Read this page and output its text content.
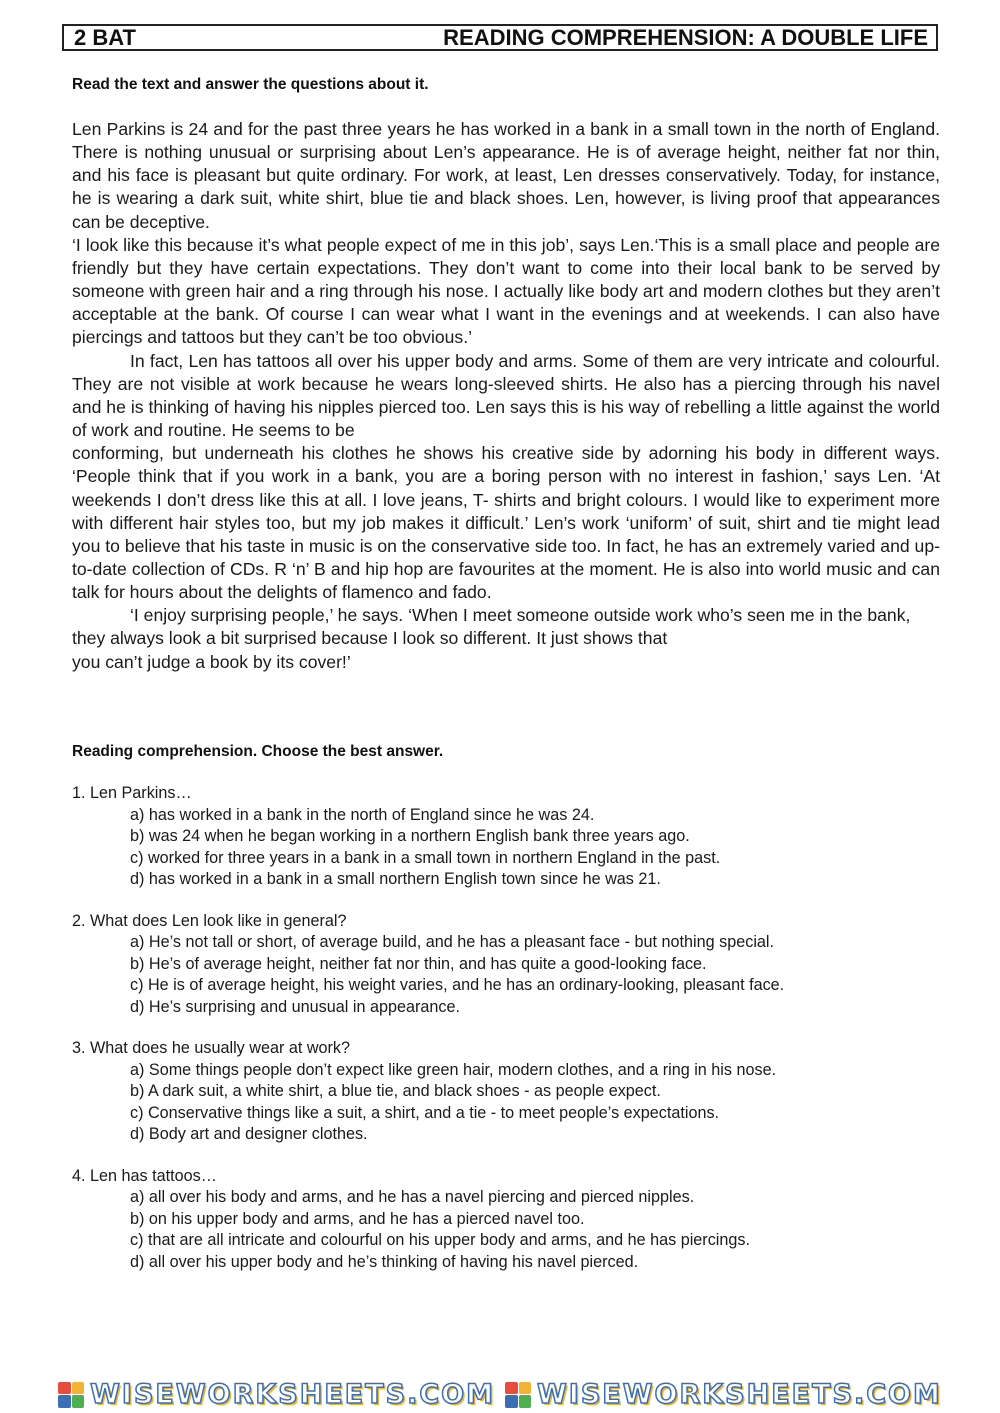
2 BAT	READING COMPREHENSION: A DOUBLE LIFE
Read the text and answer the questions about it.

Len Parkins is 24 and for the past three years he has worked in a bank in a small town in the north of England. There is nothing unusual or surprising about Len’s appearance. He is of average height, neither fat nor thin, and his face is pleasant but quite ordinary. For work, at least, Len dresses conservatively. Today, for instance, he is wearing a dark suit, white shirt, blue tie and black shoes. Len, however, is living proof that appearances can be deceptive.

‘I look like this because it’s what people expect of me in this job’, says Len.‘This is a small place and people are friendly but they have certain expectations. They don’t want to come into their local bank to be served by someone with green hair and a ring through his nose. I actually like body art and modern clothes but they aren’t acceptable at the bank. Of course I can wear what I want in the evenings and at weekends. I can also have piercings and tattoos but they can’t be too obvious.’

In fact, Len has tattoos all over his upper body and arms. Some of them are very intricate and colourful. They are not visible at work because he wears long-sleeved shirts. He also has a piercing through his navel and he is thinking of having his nipples pierced too. Len says this is his way of rebelling a little against the world of work and routine. He seems to be

conforming, but underneath his clothes he shows his creative side by adorning his body in different ways. ‘People think that if you work in a bank, you are a boring person with no interest in fashion,’ says Len. ‘At weekends I don’t dress like this at all. I love jeans, T- shirts and bright colours. I would like to experiment more with different hair styles too, but my job makes it difficult.’ Len’s work ‘uniform’ of suit, shirt and tie might lead you to believe that his taste in music is on the conservative side too. In fact, he has an extremely varied and up-to-date collection of CDs. R ‘n’ B and hip hop are favourites at the moment. He is also into world music and can talk for hours about the delights of flamenco and fado.

‘I enjoy surprising people,’ he says. ‘When I meet someone outside work who’s seen me in the bank, they always look a bit surprised because I look so different. It just shows that

you can’t judge a book by its cover!’

Reading comprehension. Choose the best answer.
1. Len Parkins…
a) has worked in a bank in the north of England since he was 24.
b) was 24 when he began working in a northern English bank three years ago.
c) worked for three years in a bank in a small town in northern England in the past.
d) has worked in a bank in a small northern English town since he was 21.
2. What does Len look like in general?
a) He’s not tall or short, of average build, and he has a pleasant face - but nothing special.
b) He’s of average height, neither fat nor thin, and has quite a good-looking face.
c) He is of average height, his weight varies, and he has an ordinary-looking, pleasant face.
d) He’s surprising and unusual in appearance.
3. What does he usually wear at work?
a) Some things people don’t expect like green hair, modern clothes, and a ring in his nose.
b) A dark suit, a white shirt, a blue tie, and black shoes - as people expect.
c) Conservative things like a suit, a shirt, and a tie - to meet people’s expectations.
d) Body art and designer clothes.
4. Len has tattoos…
a) all over his body and arms, and he has a navel piercing and pierced nipples.
b) on his upper body and arms, and he has a pierced navel too.
c) that are all intricate and colourful on his upper body and arms, and he has piercings.
d) all over his upper body and he’s thinking of having his navel pierced.
WISEWORKSHEETS.COM WISEWORKSHEETS.COM
